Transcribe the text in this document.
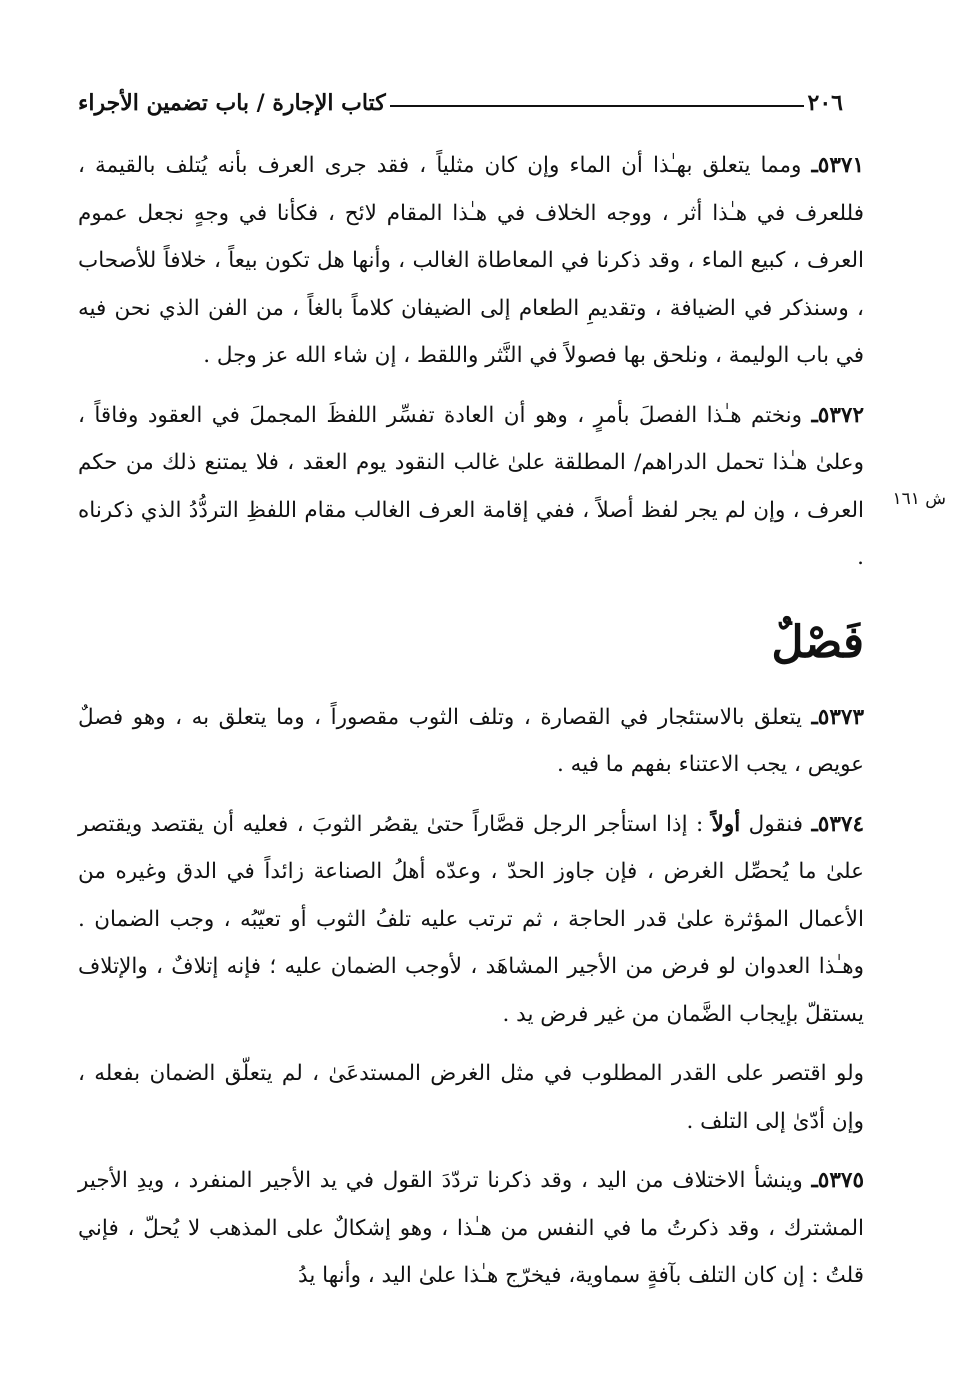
٢٠٦
كتاب الإجارة / باب تضمين الأجراء
ش ١٦١

٥٣٧١ـ ومما يتعلق بهـٰذا أن الماء وإن كان مثلياً ، فقد جرى العرف بأنه يُتلف بالقيمة ، فللعرف في هـٰذا أثر ، ووجه الخلاف في هـٰذا المقام لائح ، فكأنا في وجهٍ نجعل عموم العرف ، كبيع الماء ، وقد ذكرنا في المعاطاة الغالب ، وأنها هل تكون بيعاً ، خلافاً للأصحاب ، وسنذكر في الضيافة ، وتقديمِ الطعام إلى الضيفان كلاماً بالغاً ، من الفن الذي نحن فيه في باب الوليمة ، ونلحق بها فصولاً في النَّثر واللقط ، إن شاء الله عز وجل .

٥٣٧٢ـ ونختم هـٰذا الفصلَ بأمرٍ ، وهو أن العادة تفسِّر اللفظَ المجملَ في العقود وفاقاً ، وعلىٰ هـٰذا تحمل الدراهم/ المطلقة علىٰ غالب النقود يوم العقد ، فلا يمتنع ذلك من حكم العرف ، وإن لم يجر لفظ أصلاً ، ففي إقامة العرف الغالب مقام اللفظِ التردُّدُ الذي ذكرناه .

فَصْلٌ

٥٣٧٣ـ يتعلق بالاستئجار في القصارة ، وتلف الثوب مقصوراً ، وما يتعلق به ، وهو فصلٌ عويص ، يجب الاعتناء بفهم ما فيه .

٥٣٧٤ـ فنقول أولاً : إذا استأجر الرجل قصَّاراً حتىٰ يقصُر الثوبَ ، فعليه أن يقتصد ويقتصر علىٰ ما يُحصِّل الغرض ، فإن جاوز الحدّ ، وعدّه أهلُ الصناعة زائداً في الدق وغيره من الأعمال المؤثرة علىٰ قدر الحاجة ، ثم ترتب عليه تلفُ الثوب أو تعيّبُه ، وجب الضمان . وهـٰذا العدوان لو فرض من الأجير المشاهَد ، لأوجب الضمان عليه ؛ فإنه إتلافٌ ، والإتلاف يستقلّ بإيجاب الضَّمان من غير فرض يد .

ولو اقتصر على القدر المطلوب في مثل الغرض المستدعَىٰ ، لم يتعلّق الضمان بفعله ، وإن أدّىٰ إلى التلف .

٥٣٧٥ـ وينشأ الاختلاف من اليد ، وقد ذكرنا تردّدَ القول في يد الأجير المنفرد ، ويدِ الأجير المشترك ، وقد ذكرتُ ما في النفس من هـٰذا ، وهو إشكالٌ على المذهب لا يُحلّ ، فإني قلتُ : إن كان التلف بآفةٍ سماوية، فيخرّج هـٰذا علىٰ اليد ، وأنها يدُ
